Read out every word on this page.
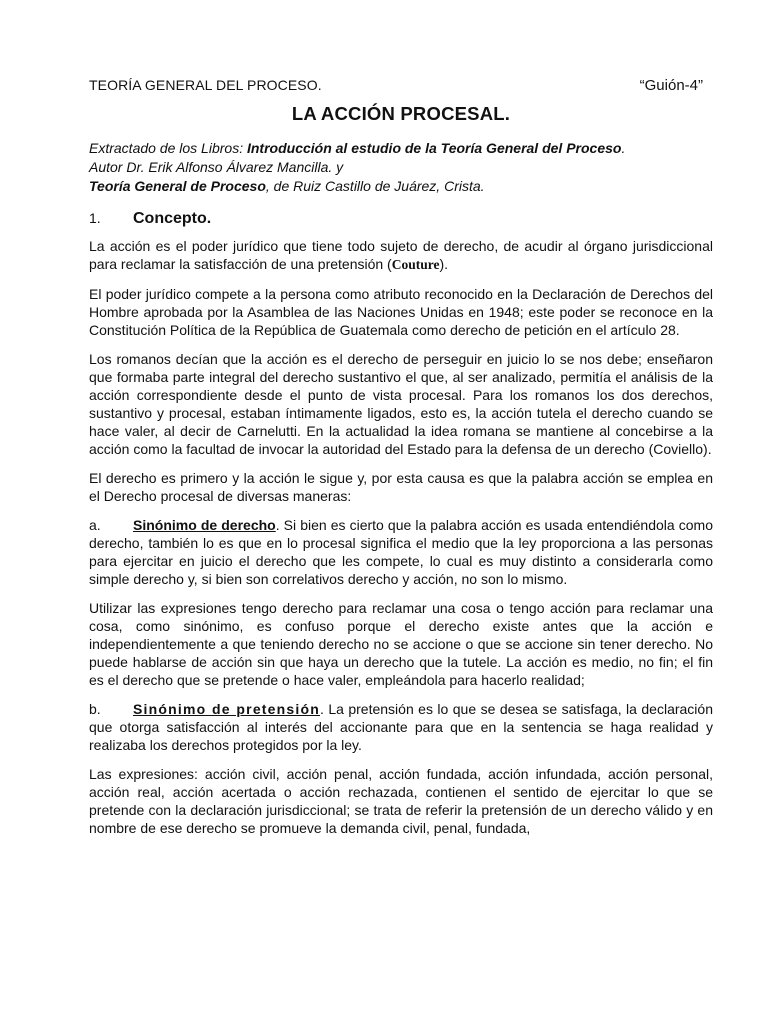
TEORÍA GENERAL DEL PROCESO.	“Guión-4”
LA ACCIÓN PROCESAL.
Extractado de los Libros: Introducción al estudio de la Teoría General del Proceso.
Autor Dr. Erik Alfonso Álvarez Mancilla. y
Teoría General de Proceso, de Ruiz Castillo de Juárez, Crista.
1.	Concepto.

La acción es el poder jurídico que tiene todo sujeto de derecho, de acudir al órgano jurisdiccional para reclamar la satisfacción de una pretensión (Couture).

El poder jurídico compete a la persona como atributo reconocido en la Declaración de Derechos del Hombre aprobada por la Asamblea de las Naciones Unidas en 1948; este poder se reconoce en la Constitución Política de la República de Guatemala como derecho de petición en el artículo 28.

Los romanos decían que la acción es el derecho de perseguir en juicio lo se nos debe; enseñaron que formaba parte integral del derecho sustantivo el que, al ser analizado, permitía el análisis de la acción correspondiente desde el punto de vista procesal. Para los romanos los dos derechos, sustantivo y procesal, estaban íntimamente ligados, esto es, la acción tutela el derecho cuando se hace valer, al decir de Carnelutti. En la actualidad la idea romana se mantiene al concebirse a la acción como la facultad de invocar la autoridad del Estado para la defensa de un derecho (Coviello).

El derecho es primero y la acción le sigue y, por esta causa es que la palabra acción se emplea en el Derecho procesal de diversas maneras:

a. Sinónimo de derecho. Si bien es cierto que la palabra acción es usada entendiéndola como derecho, también lo es que en lo procesal significa el medio que la ley proporciona a las personas para ejercitar en juicio el derecho que les compete, lo cual es muy distinto a considerarla como simple derecho y, si bien son correlativos derecho y acción, no son lo mismo.

Utilizar las expresiones tengo derecho para reclamar una cosa o tengo acción para reclamar una cosa, como sinónimo, es confuso porque el derecho existe antes que la acción e independientemente a que teniendo derecho no se accione o que se accione sin tener derecho. No puede hablarse de acción sin que haya un derecho que la tutele. La acción es medio, no fin; el fin es el derecho que se pretende o hace valer, empleándola para hacerlo realidad;

b. Sinónimo de pretensión. La pretensión es lo que se desea se satisfaga, la declaración que otorga satisfacción al interés del accionante para que en la sentencia se haga realidad y realizaba los derechos protegidos por la ley.

Las expresiones: acción civil, acción penal, acción fundada, acción infundada, acción personal, acción real, acción acertada o acción rechazada, contienen el sentido de ejercitar lo que se pretende con la declaración jurisdiccional; se trata de referir la pretensión de un derecho válido y en nombre de ese derecho se promueve la demanda civil, penal, fundada,
